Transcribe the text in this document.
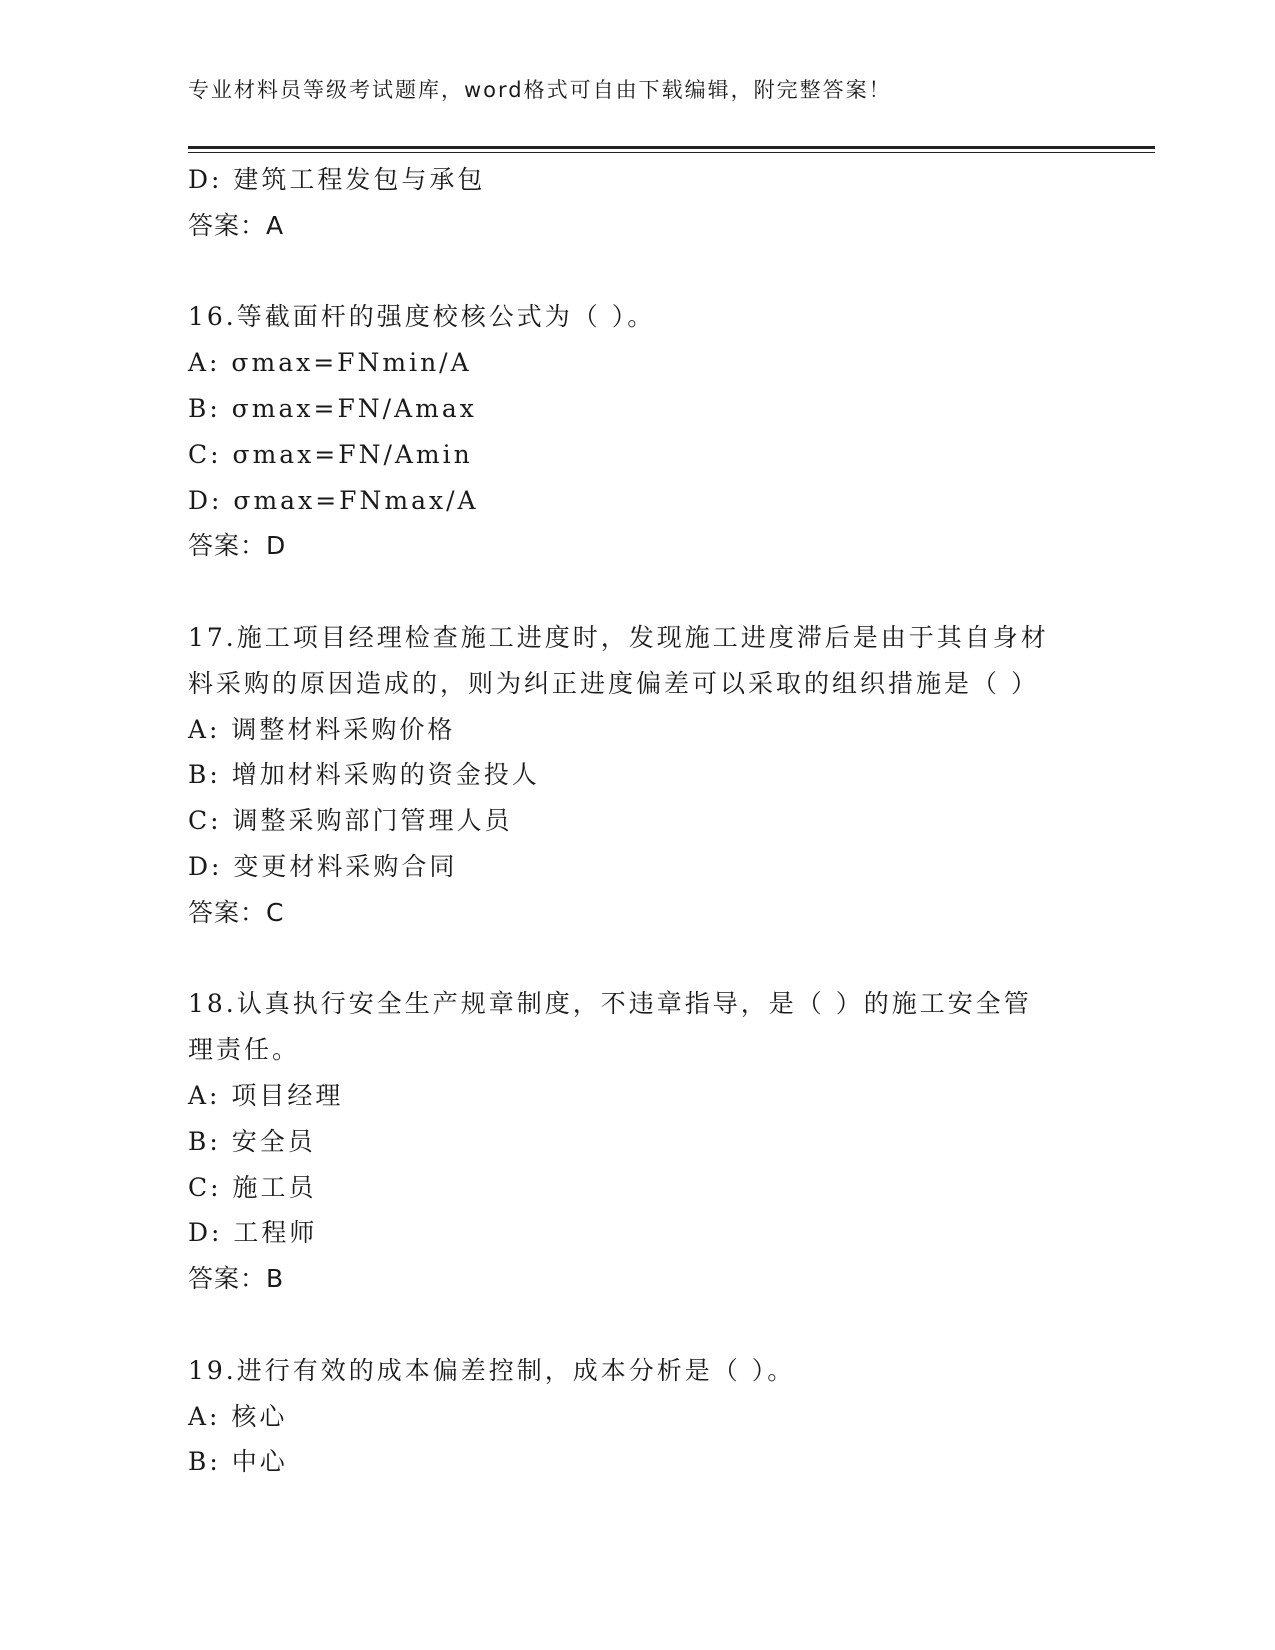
专业材料员等级考试题库，word格式可自由下载编辑，附完整答案！
D: 建筑工程发包与承包
答案：A
16.等截面杆的强度校核公式为（ ）。
A: σmax=FNmin/A
B: σmax=FN/Amax
C: σmax=FN/Amin
D: σmax=FNmax/A
答案：D
17.施工项目经理检查施工进度时，发现施工进度滞后是由于其自身材
料采购的原因造成的，则为纠正进度偏差可以采取的组织措施是（ ）
A: 调整材料采购价格
B: 增加材料采购的资金投人
C: 调整采购部门管理人员
D: 变更材料采购合同
答案：C
18.认真执行安全生产规章制度，不违章指导，是（ ）的施工安全管
理责任。
A: 项目经理
B: 安全员
C: 施工员
D: 工程师
答案：B
19.进行有效的成本偏差控制，成本分析是（ ）。
A: 核心
B: 中心
